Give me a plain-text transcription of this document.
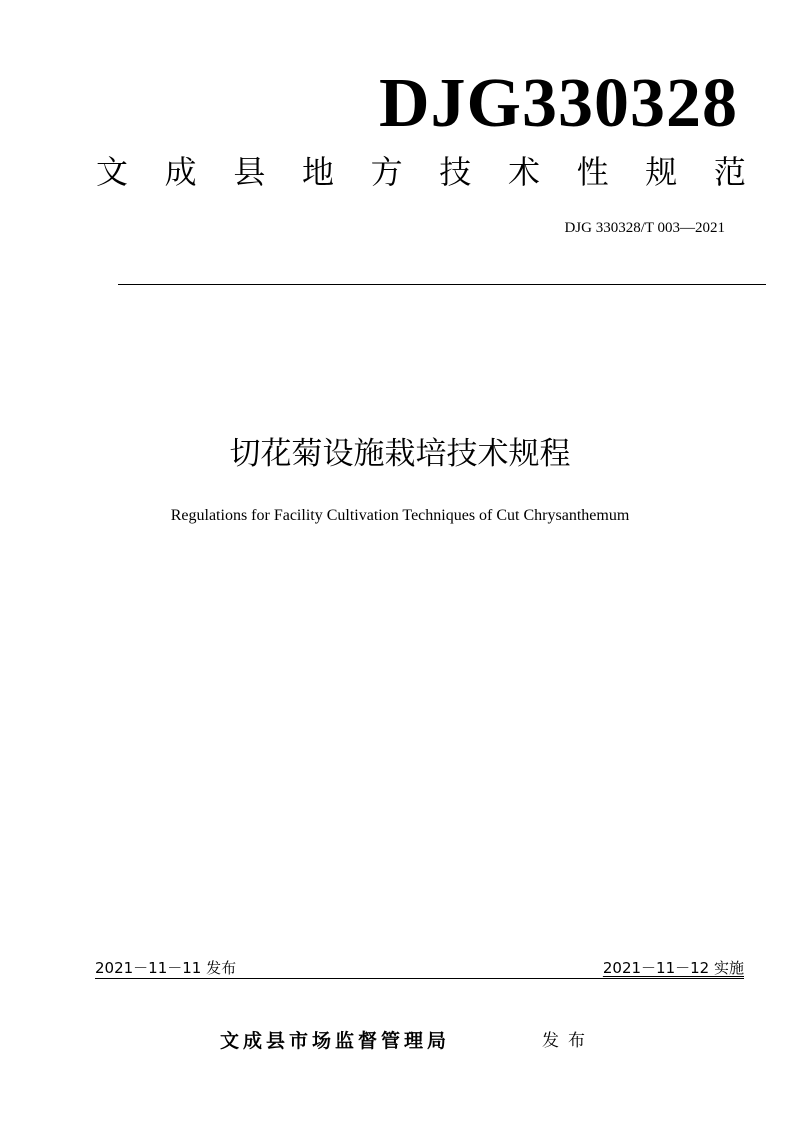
DJG330328
文 成 县 地 方 技 术 性 规 范
DJG 330328/T 003—2021
切花菊设施栽培技术规程
Regulations for Facility Cultivation Techniques of Cut Chrysanthemum
2021－11－11 发布	2021－11－12 实施
文成县市场监督管理局	发布
